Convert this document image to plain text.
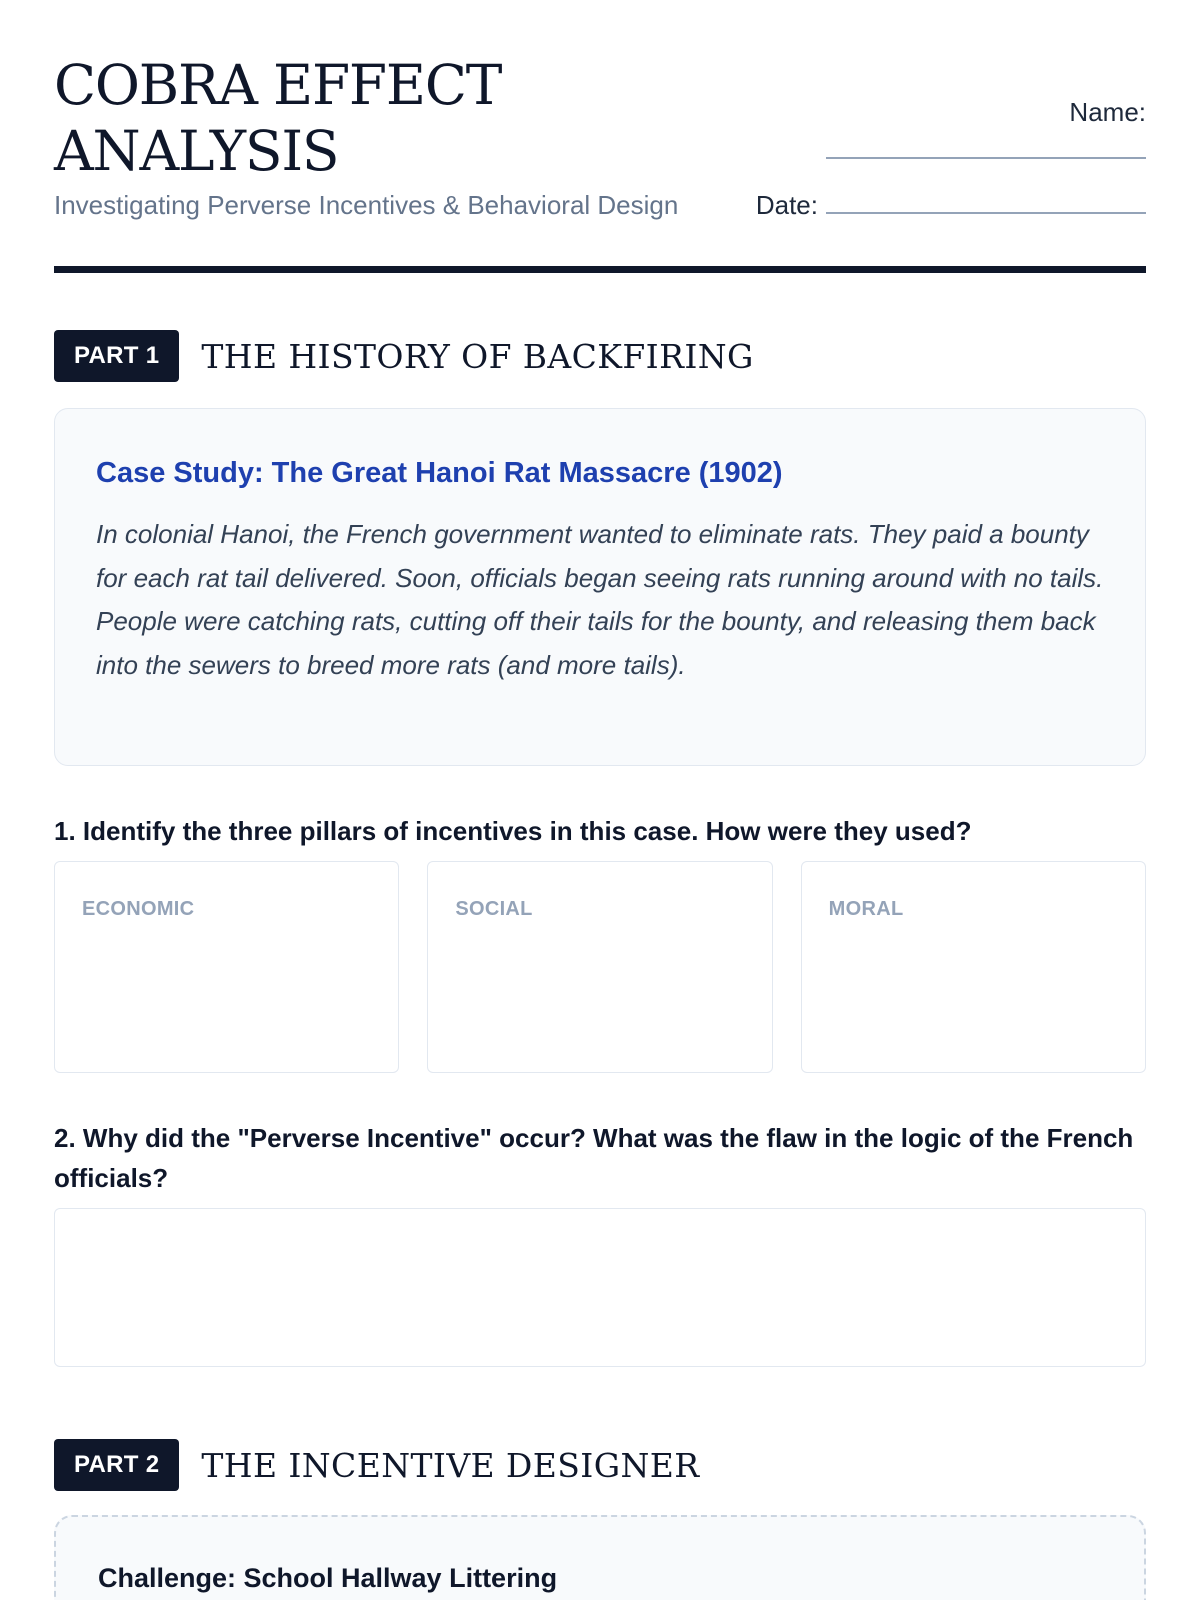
COBRA EFFECT ANALYSIS
Investigating Perverse Incentives & Behavioral Design
Name:
Date:
PART 1	THE HISTORY OF BACKFIRING
Case Study: The Great Hanoi Rat Massacre (1902)

In colonial Hanoi, the French government wanted to eliminate rats. They paid a bounty for each rat tail delivered. Soon, officials began seeing rats running around with no tails. People were catching rats, cutting off their tails for the bounty, and releasing them back into the sewers to breed more rats (and more tails).

1. Identify the three pillars of incentives in this case. How were they used?

ECONOMIC	SOCIAL	MORAL

2. Why did the "Perverse Incentive" occur? What was the flaw in the logic of the French officials?

PART 2	THE INCENTIVE DESIGNER
Challenge: School Hallway Littering
